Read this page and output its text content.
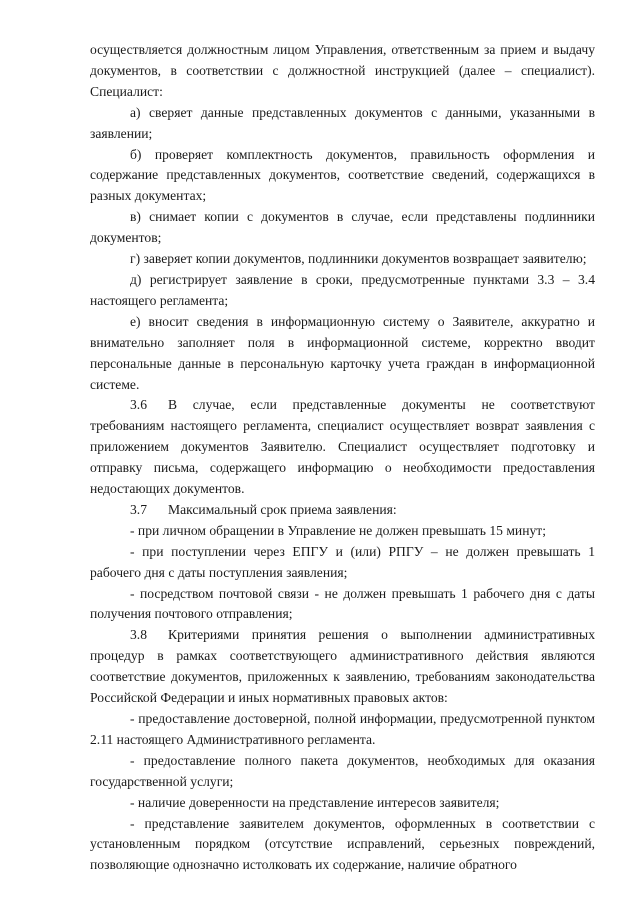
осуществляется должностным лицом Управления, ответственным за прием и выдачу документов, в соответствии с должностной инструкцией (далее – специалист). Специалист:

а) сверяет данные представленных документов с данными, указанными в заявлении;

б) проверяет комплектность документов, правильность оформления и содержание представленных документов, соответствие сведений, содержащихся в разных документах;

в) снимает копии с документов в случае, если представлены подлинники документов;

г) заверяет копии документов, подлинники документов возвращает заявителю;

д) регистрирует заявление в сроки, предусмотренные пунктами 3.3 – 3.4 настоящего регламента;

е) вносит сведения в информационную систему о Заявителе, аккуратно и внимательно заполняет поля в информационной системе, корректно вводит персональные данные в персональную карточку учета граждан в информационной системе.

3.6 В случае, если представленные документы не соответствуют требованиям настоящего регламента, специалист осуществляет возврат заявления с приложением документов Заявителю. Специалист осуществляет подготовку и отправку письма, содержащего информацию о необходимости предоставления недостающих документов.

3.7 Максимальный срок приема заявления:

- при личном обращении в Управление не должен превышать 15 минут;

- при поступлении через ЕПГУ и (или) РПГУ – не должен превышать 1 рабочего дня с даты поступления заявления;

- посредством почтовой связи - не должен превышать 1 рабочего дня с даты получения почтового отправления;

3.8 Критериями принятия решения о выполнении административных процедур в рамках соответствующего административного действия являются соответствие документов, приложенных к заявлению, требованиям законодательства Российской Федерации и иных нормативных правовых актов:

- предоставление достоверной, полной информации, предусмотренной пунктом 2.11 настоящего Административного регламента.

- предоставление полного пакета документов, необходимых для оказания государственной услуги;

- наличие доверенности на представление интересов заявителя;

- представление заявителем документов, оформленных в соответствии с установленным порядком (отсутствие исправлений, серьезных повреждений, позволяющие однозначно истолковать их содержание, наличие обратного
